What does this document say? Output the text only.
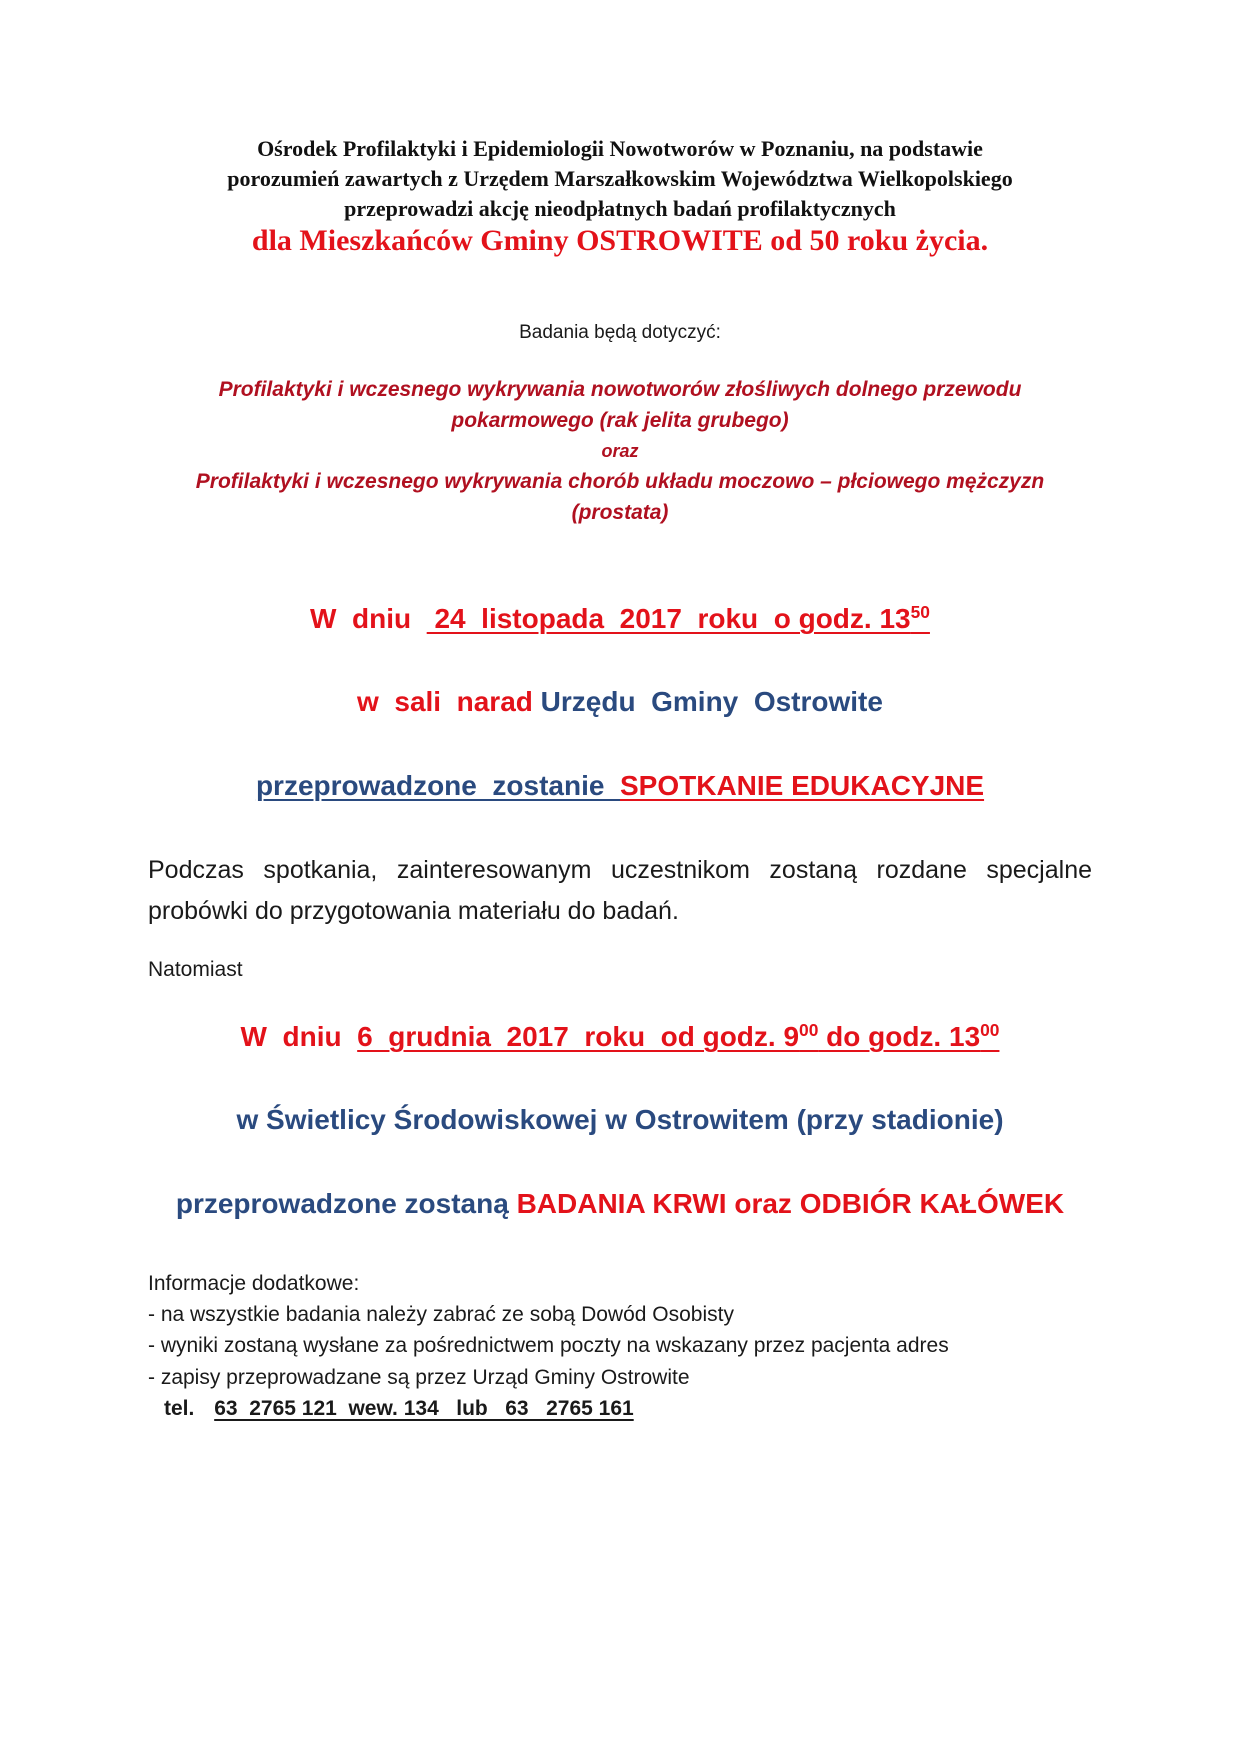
Ośrodek Profilaktyki i Epidemiologii Nowotworów w Poznaniu, na podstawie
porozumień zawartych z Urzędem Marszałkowskim Województwa Wielkopolskiego
przeprowadzi akcję nieodpłatnych badań profilaktycznych
dla Mieszkańców Gminy OSTROWITE od 50 roku życia.
Badania będą dotyczyć:
Profilaktyki i wczesnego wykrywania nowotworów złośliwych dolnego przewodu
pokarmowego (rak jelita grubego)
oraz
Profilaktyki i wczesnego wykrywania chorób układu moczowo – płciowego mężczyzn
(prostata)
W  dniu   24  listopada  2017  roku  o godz. $13^{50}$
w  sali  narad Urzędu  Gminy  Ostrowite
przeprowadzone  zostanie  SPOTKANIE EDUKACYJNE
Podczas spotkania, zainteresowanym uczestnikom zostaną rozdane specjalne probówki do przygotowania materiału do badań.
Natomiast
W  dniu  6  grudnia  2017  roku  od godz. $9^{00}$ do godz. $13^{00}$
w Świetlicy Środowiskowej w Ostrowitem (przy stadionie)
przeprowadzone zostaną BADANIA KRWI oraz ODBIÓR KAŁÓWEK
Informacje dodatkowe:
- na wszystkie badania należy zabrać ze sobą Dowód Osobisty
- wyniki zostaną wysłane za pośrednictwem poczty na wskazany przez pacjenta adres
- zapisy przeprowadzane są przez Urząd Gminy Ostrowite
tel. 63  2765 121  wew. 134   lub   63   2765 161
